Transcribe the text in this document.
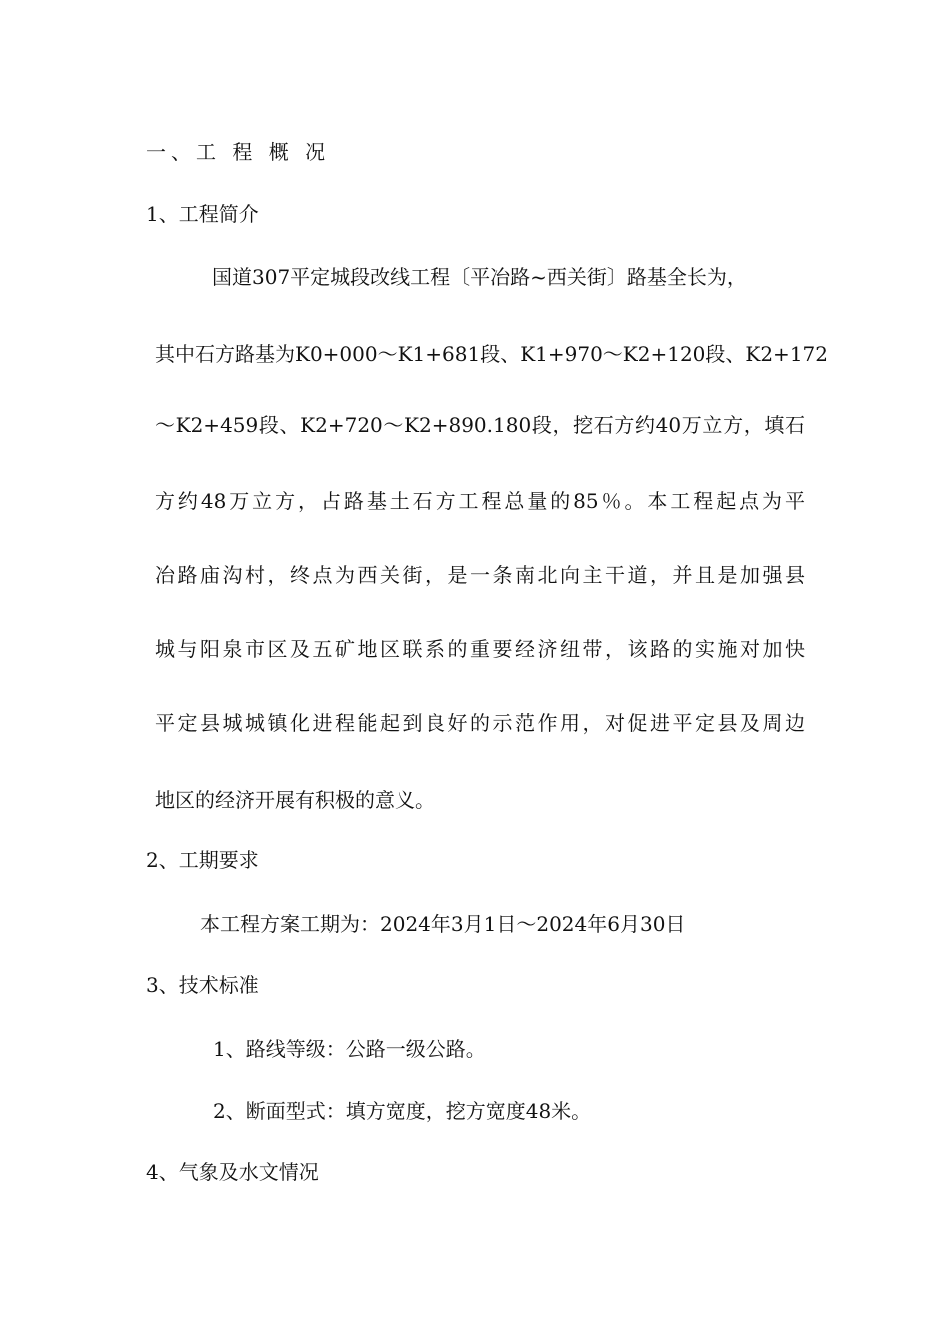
一、工 程 概 况
1、工程简介
国道307平定城段改线工程〔平冶路~西关街〕路基全长为，
其中石方路基为K0+000～K1+681段、K1+970～K2+120段、K2+172
～K2+459段、K2+720～K2+890.180段，挖石方约40万立方，填石
方约48万立方，占路基土石方工程总量的85％。本工程起点为平
冶路庙沟村，终点为西关街，是一条南北向主干道，并且是加强县
城与阳泉市区及五矿地区联系的重要经济纽带，该路的实施对加快
平定县城城镇化进程能起到良好的示范作用，对促进平定县及周边
地区的经济开展有积极的意义。
2、工期要求
本工程方案工期为：2024年3月1日～2024年6月30日
3、技术标准
1、路线等级：公路一级公路。
2、断面型式：填方宽度，挖方宽度48米。
4、气象及水文情况
